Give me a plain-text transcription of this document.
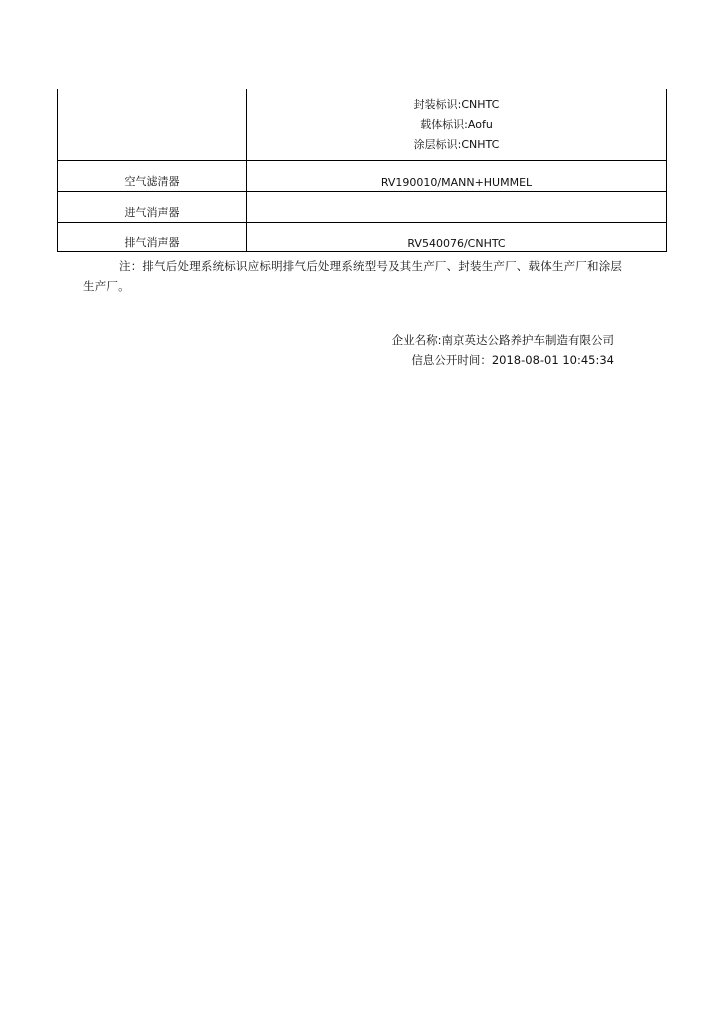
	封装标识:CNHTC
载体标识:Aofu
涂层标识:CNHTC

空气滤清器	RV190010/MANN+HUMMEL
进气消声器	
排气消声器	RV540076/CNHTC

注：排气后处理系统标识应标明排气后处理系统型号及其生产厂、封装生产厂、载体生产厂和涂层生产厂。

企业名称:南京英达公路养护车制造有限公司
信息公开时间：2018-08-01 10:45:34
